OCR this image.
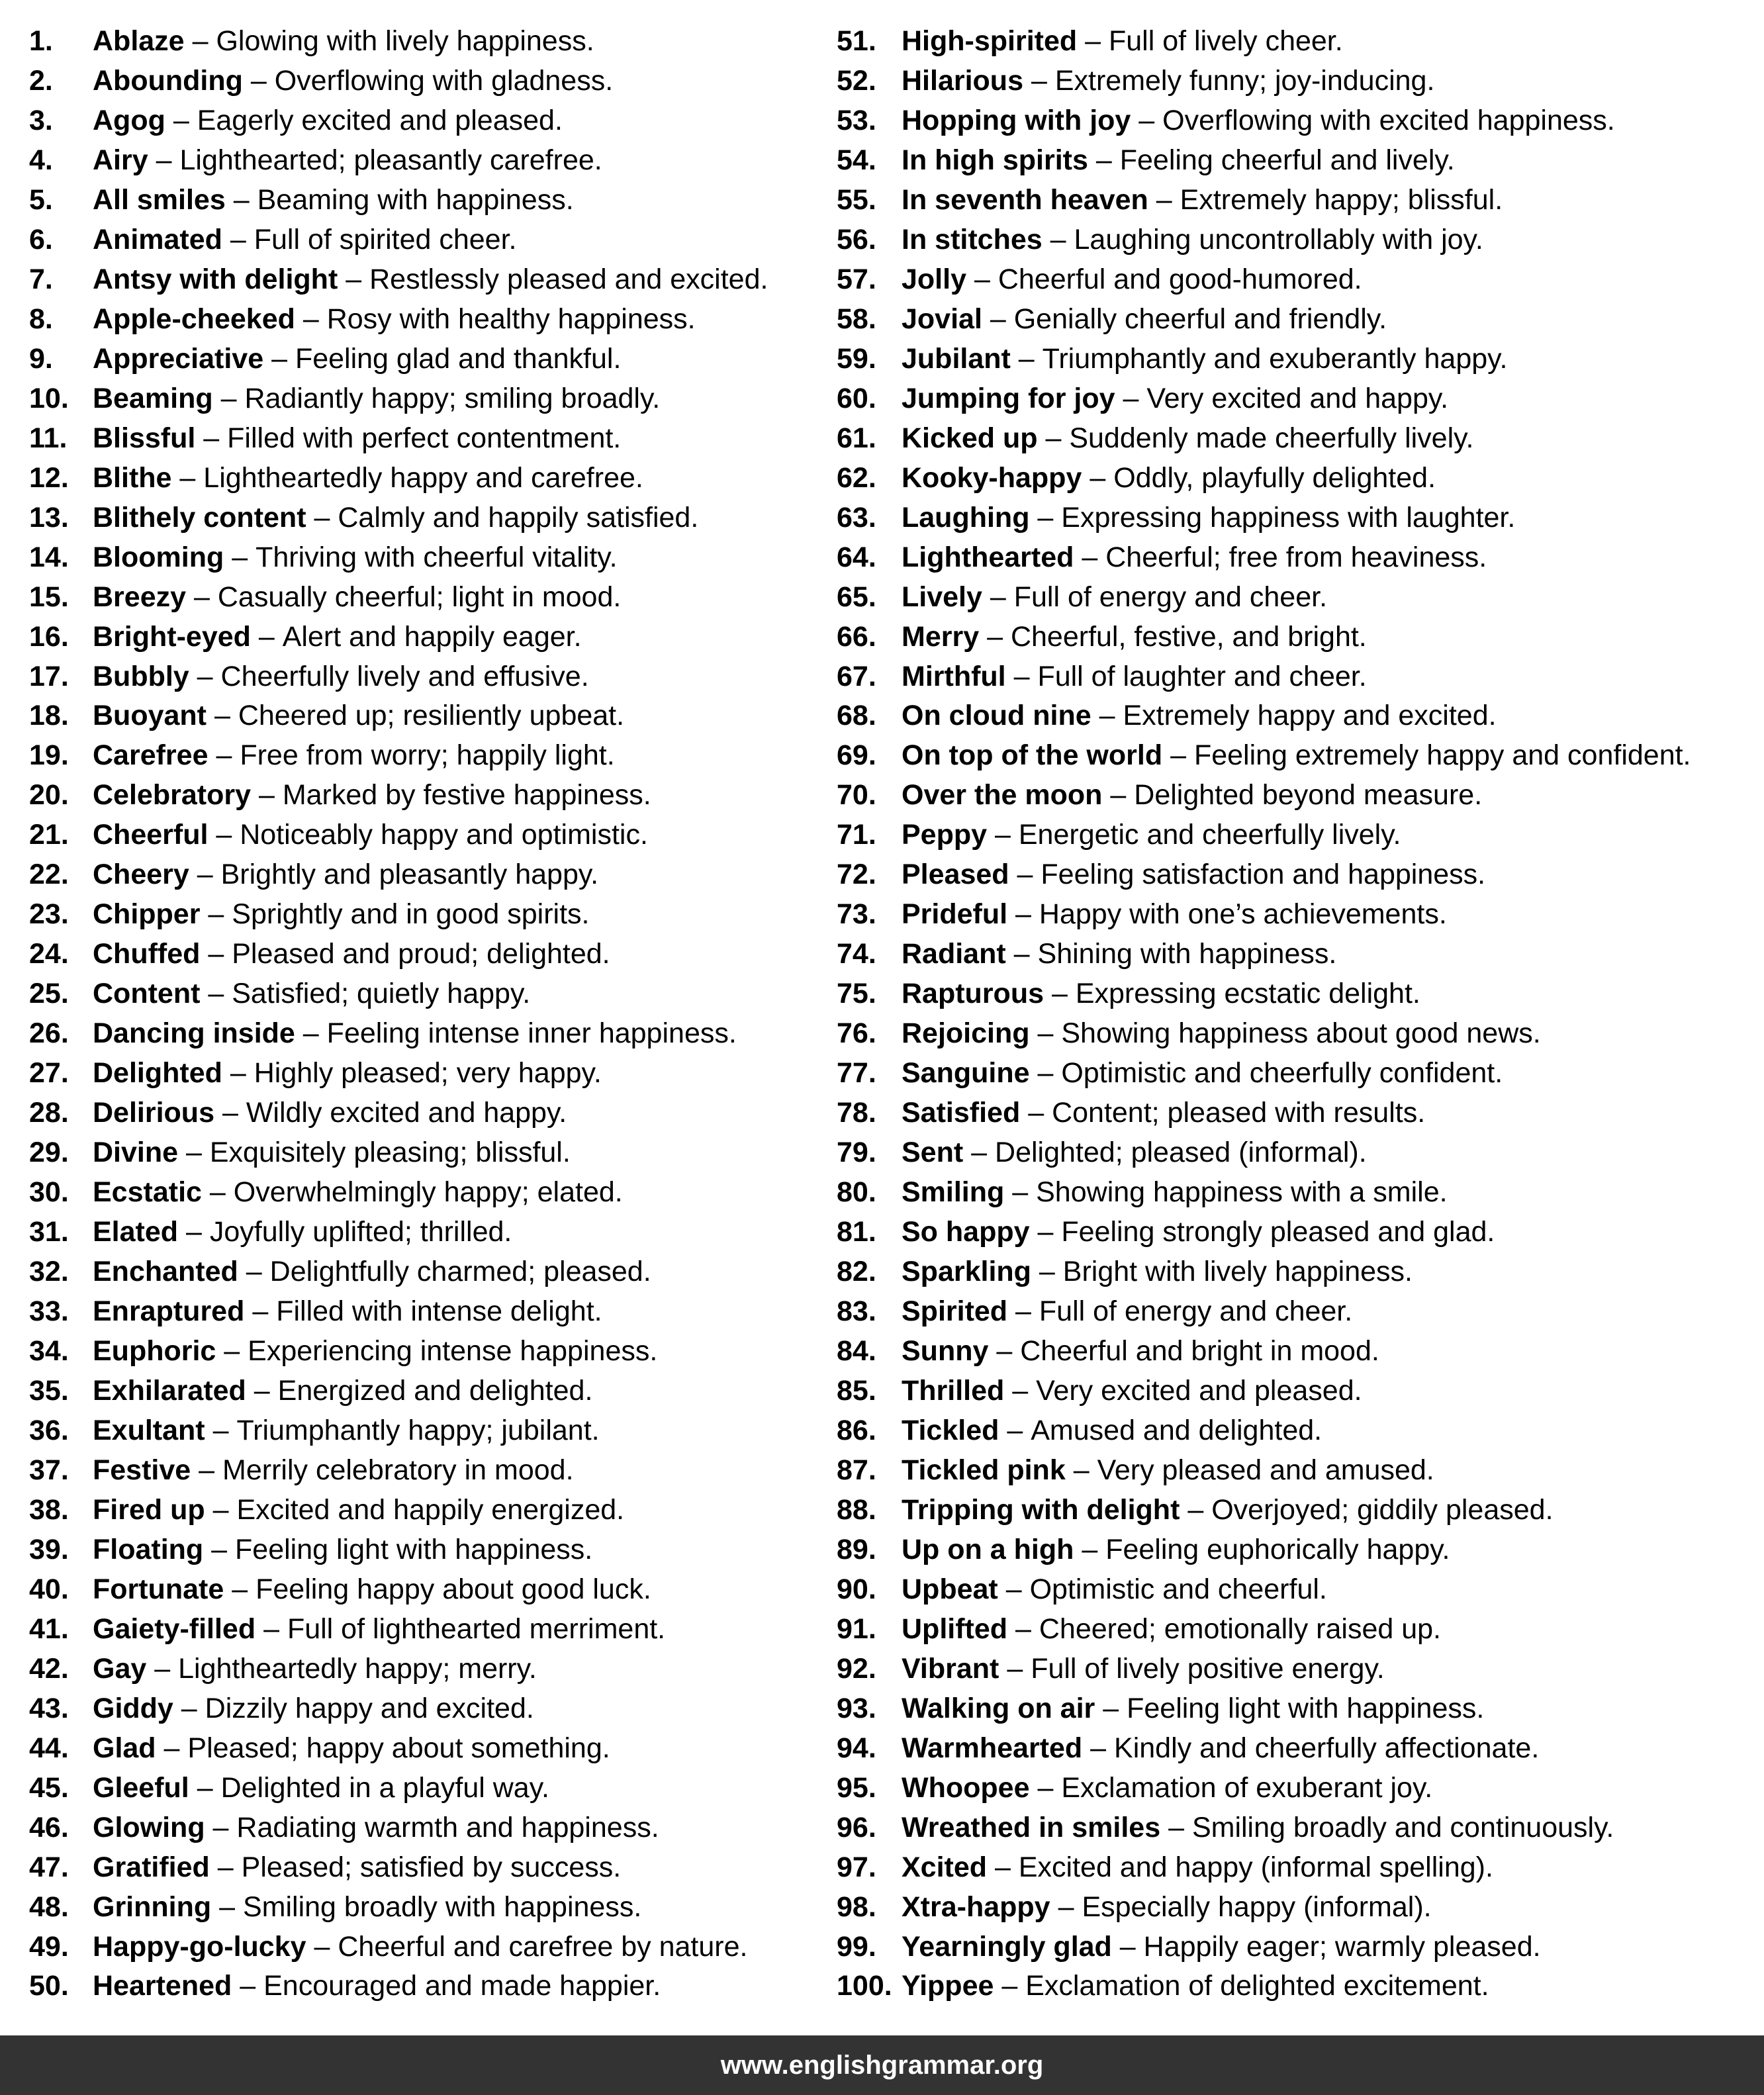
1.	Ablaze
–
Glowing with lively happiness.
2.	Abounding
–
Overflowing with gladness.
3.	Agog
–
Eagerly excited and pleased.
4.	Airy
–
Lighthearted; pleasantly carefree.
5.	All smiles
–
Beaming with happiness.
6.	Animated
–
Full of spirited cheer.
7.	Antsy with delight
–
Restlessly pleased and excited.
8.	Apple-cheeked
–
Rosy with healthy happiness.
9.	Appreciative
–
Feeling glad and thankful.
10. Beaming
–
Radiantly happy; smiling broadly.
11. Blissful
–
Filled with perfect contentment.
12. Blithe
–
Lightheartedly happy and carefree.
13. Blithely content
–
Calmly and happily satisfied.
14. Blooming
–
Thriving with cheerful vitality.
15. Breezy
–
Casually cheerful; light in mood.
16. Bright-eyed
–
Alert and happily eager.
17. Bubbly
–
Cheerfully lively and effusive.
18. Buoyant
–
Cheered up; resiliently upbeat.
19. Carefree
–
Free from worry; happily light.
20. Celebratory
–
Marked by festive happiness.
21. Cheerful
–
Noticeably happy and optimistic.
22. Cheery
–
Brightly and pleasantly happy.
23. Chipper
–
Sprightly and in good spirits.
24. Chuffed
–
Pleased and proud; delighted.
25. Content
–
Satisfied; quietly happy.
26. Dancing inside
–
Feeling intense inner happiness.
27. Delighted
–
Highly pleased; very happy.
28. Delirious
–
Wildly excited and happy.
29. Divine
–
Exquisitely pleasing; blissful.
30. Ecstatic
–
Overwhelmingly happy; elated.
31. Elated
–
Joyfully uplifted; thrilled.
32. Enchanted
–
Delightfully charmed; pleased.
33. Enraptured
–
Filled with intense delight.
34. Euphoric
–
Experiencing intense happiness.
35. Exhilarated
–
Energized and delighted.
36. Exultant
–
Triumphantly happy; jubilant.
37. Festive
–
Merrily celebratory in mood.
38. Fired up
–
Excited and happily energized.
39. Floating
–
Feeling light with happiness.
40. Fortunate
–
Feeling happy about good luck.
41. Gaiety-filled
–
Full of lighthearted merriment.
42. Gay
–
Lightheartedly happy; merry.
43. Giddy
–
Dizzily happy and excited.
44. Glad
–
Pleased; happy about something.
45. Gleeful
–
Delighted in a playful way.
46. Glowing
–
Radiating warmth and happiness.
47. Gratified
–
Pleased; satisfied by success.
48. Grinning
–
Smiling broadly with happiness.
49. Happy-go-lucky
–
Cheerful and carefree by nature.
50. Heartened
–
Encouraged and made happier.
51. High-spirited
–
Full of lively cheer.
52. Hilarious
–
Extremely funny; joy-inducing.
53. Hopping with joy
–
Overflowing with excited happiness.
54. In high spirits
–
Feeling cheerful and lively.
55. In seventh heaven
–
Extremely happy; blissful.
56. In stitches
–
Laughing uncontrollably with joy.
57. Jolly
–
Cheerful and good-humored.
58. Jovial
–
Genially cheerful and friendly.
59. Jubilant
–
Triumphantly and exuberantly happy.
60. Jumping for joy
–
Very excited and happy.
61. Kicked up
–
Suddenly made cheerfully lively.
62. Kooky-happy
–
Oddly, playfully delighted.
63. Laughing
–
Expressing happiness with laughter.
64. Lighthearted
–
Cheerful; free from heaviness.
65. Lively
–
Full of energy and cheer.
66. Merry
–
Cheerful, festive, and bright.
67. Mirthful
–
Full of laughter and cheer.
68. On cloud nine
–
Extremely happy and excited.
69. On top of the world
–
Feeling extremely happy and confident.
70. Over the moon
–
Delighted beyond measure.
71. Peppy
–
Energetic and cheerfully lively.
72. Pleased
–
Feeling satisfaction and happiness.
73. Prideful
–
Happy with one’s achievements.
74. Radiant
–
Shining with happiness.
75. Rapturous
–
Expressing ecstatic delight.
76. Rejoicing
–
Showing happiness about good news.
77. Sanguine
–
Optimistic and cheerfully confident.
78. Satisfied
–
Content; pleased with results.
79. Sent
–
Delighted; pleased (informal).
80. Smiling
–
Showing happiness with a smile.
81. So happy
–
Feeling strongly pleased and glad.
82. Sparkling
–
Bright with lively happiness.
83. Spirited
–
Full of energy and cheer.
84. Sunny
–
Cheerful and bright in mood.
85. Thrilled
–
Very excited and pleased.
86. Tickled
–
Amused and delighted.
87. Tickled pink
–
Very pleased and amused.
88. Tripping with delight
–
Overjoyed; giddily pleased.
89. Up on a high
–
Feeling euphorically happy.
90. Upbeat
–
Optimistic and cheerful.
91. Uplifted
–
Cheered; emotionally raised up.
92. Vibrant
–
Full of lively positive energy.
93. Walking on air
–
Feeling light with happiness.
94. Warmhearted
–
Kindly and cheerfully affectionate.
95. Whoopee
–
Exclamation of exuberant joy.
96. Wreathed in smiles
–
Smiling broadly and continuously.
97. Xcited
–
Excited and happy (informal spelling).
98. Xtra-happy
–
Especially happy (informal).
99. Yearningly glad
–
Happily eager; warmly pleased.
100. Yippee
–
Exclamation of delighted excitement.
www.englishgrammar.org
